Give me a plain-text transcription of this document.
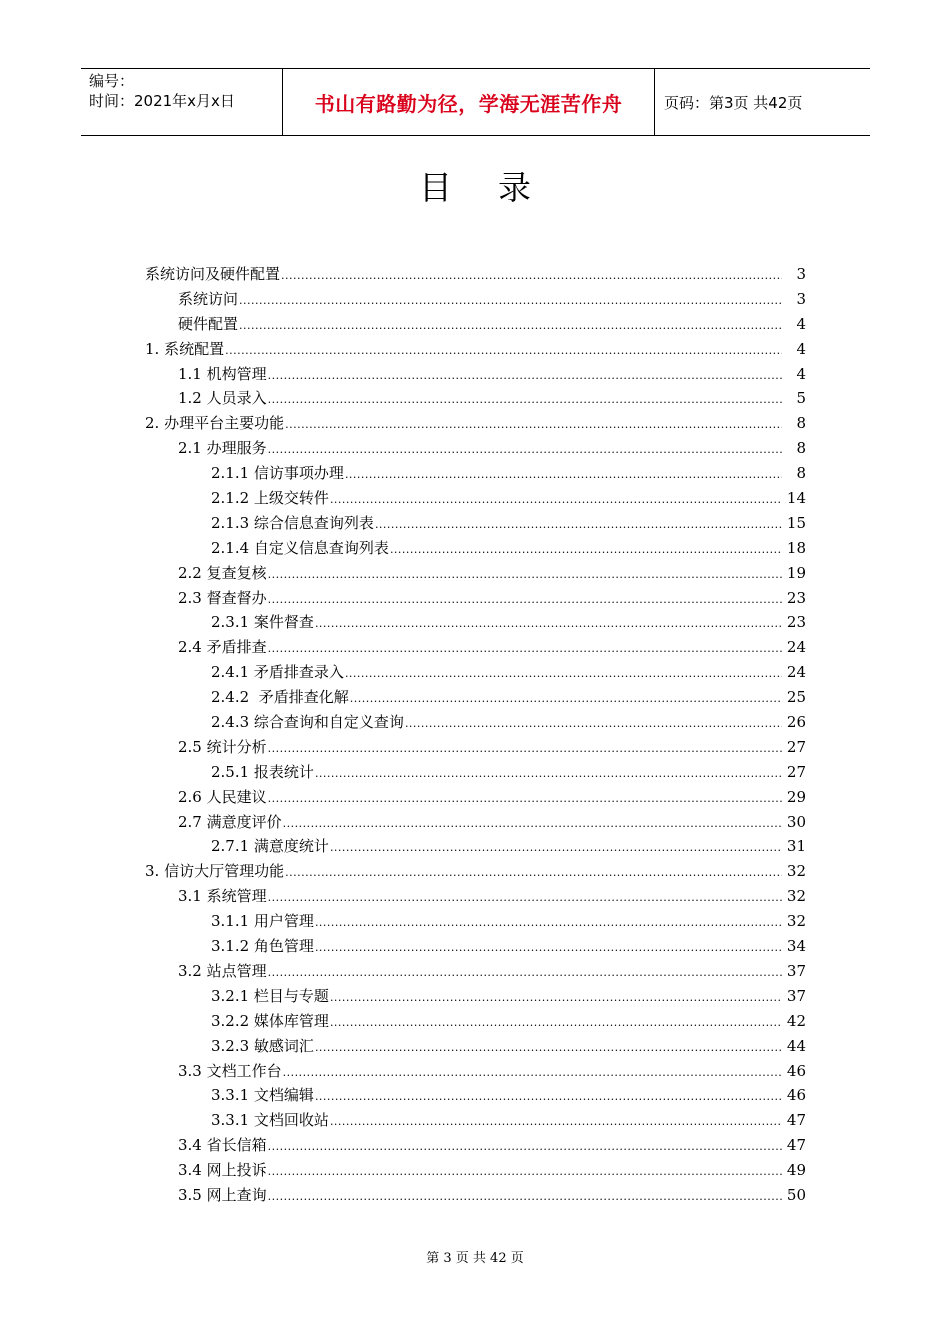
编号：
时间：2021年x月x日	书山有路勤为径，学海无涯苦作舟	页码：第3页 共42页
目录
系统访问及硬件配置 .....	3
系统访问 .....	3
硬件配置 .....	4
1. 系统配置 .....	4
1.1 机构管理 .....	4
1.2 人员录入 .....	5
2. 办理平台主要功能 .....	8
2.1 办理服务 .....	8
2.1.1 信访事项办理 .....	8
2.1.2 上级交转件 .....	14
2.1.3 综合信息查询列表 .....	15
2.1.4 自定义信息查询列表 .....	18
2.2 复查复核 .....	19
2.3 督查督办 .....	23
2.3.1 案件督查 .....	23
2.4 矛盾排查 .....	24
2.4.1 矛盾排查录入 .....	24
2.4.2  矛盾排查化解 .....	25
2.4.3 综合查询和自定义查询 .....	26
2.5 统计分析 .....	27
2.5.1 报表统计 .....	27
2.6 人民建议 .....	29
2.7 满意度评价 .....	30
2.7.1 满意度统计 .....	31
3. 信访大厅管理功能 .....	32
3.1 系统管理 .....	32
3.1.1 用户管理 .....	32
3.1.2 角色管理 .....	34
3.2 站点管理 .....	37
3.2.1 栏目与专题 .....	37
3.2.2 媒体库管理 .....	42
3.2.3 敏感词汇 .....	44
3.3 文档工作台 .....	46
3.3.1 文档编辑 .....	46
3.3.1 文档回收站 .....	47
3.4 省长信箱 .....	47
3.4 网上投诉 .....	49
3.5 网上查询 .....	50
第 3 页 共 42 页
